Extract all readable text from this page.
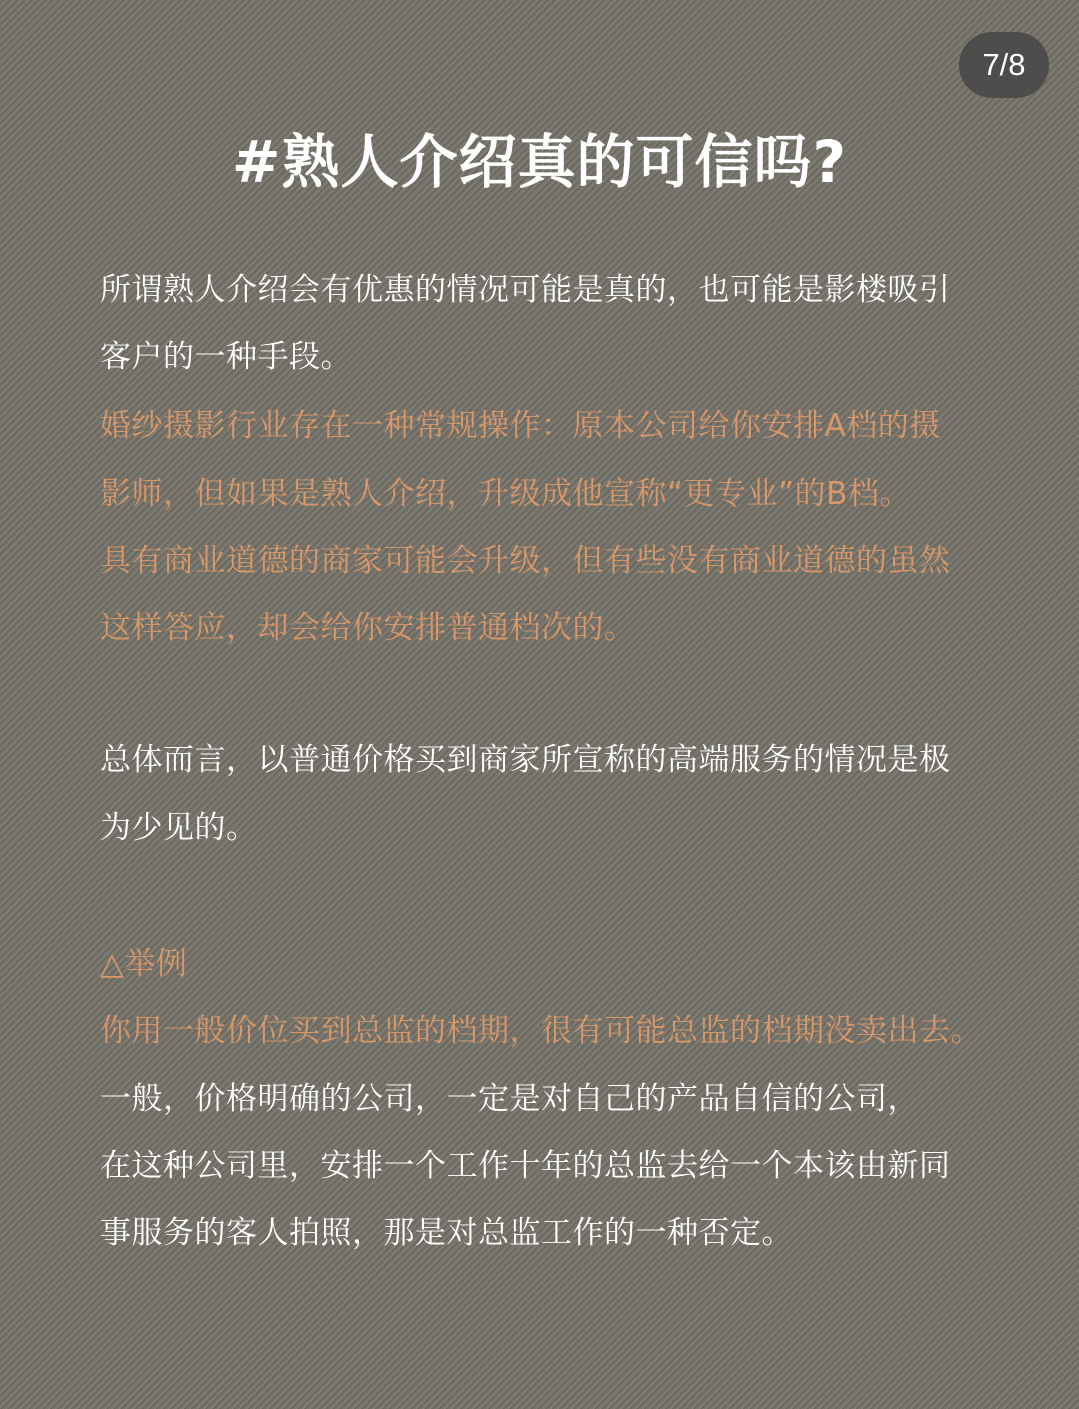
7/8
#熟人介绍真的可信吗?
所谓熟人介绍会有优惠的情况可能是真的，也可能是影楼吸引
客户的一种手段。
婚纱摄影行业存在一种常规操作：原本公司给你安排A档的摄
影师，但如果是熟人介绍，升级成他宣称“更专业”的B档。
具有商业道德的商家可能会升级，但有些没有商业道德的虽然
这样答应，却会给你安排普通档次的。
总体而言，以普通价格买到商家所宣称的高端服务的情况是极
为少见的。
△举例
你用一般价位买到总监的档期，很有可能总监的档期没卖出去。
一般，价格明确的公司，一定是对自己的产品自信的公司，
在这种公司里，安排一个工作十年的总监去给一个本该由新同
事服务的客人拍照，那是对总监工作的一种否定。
